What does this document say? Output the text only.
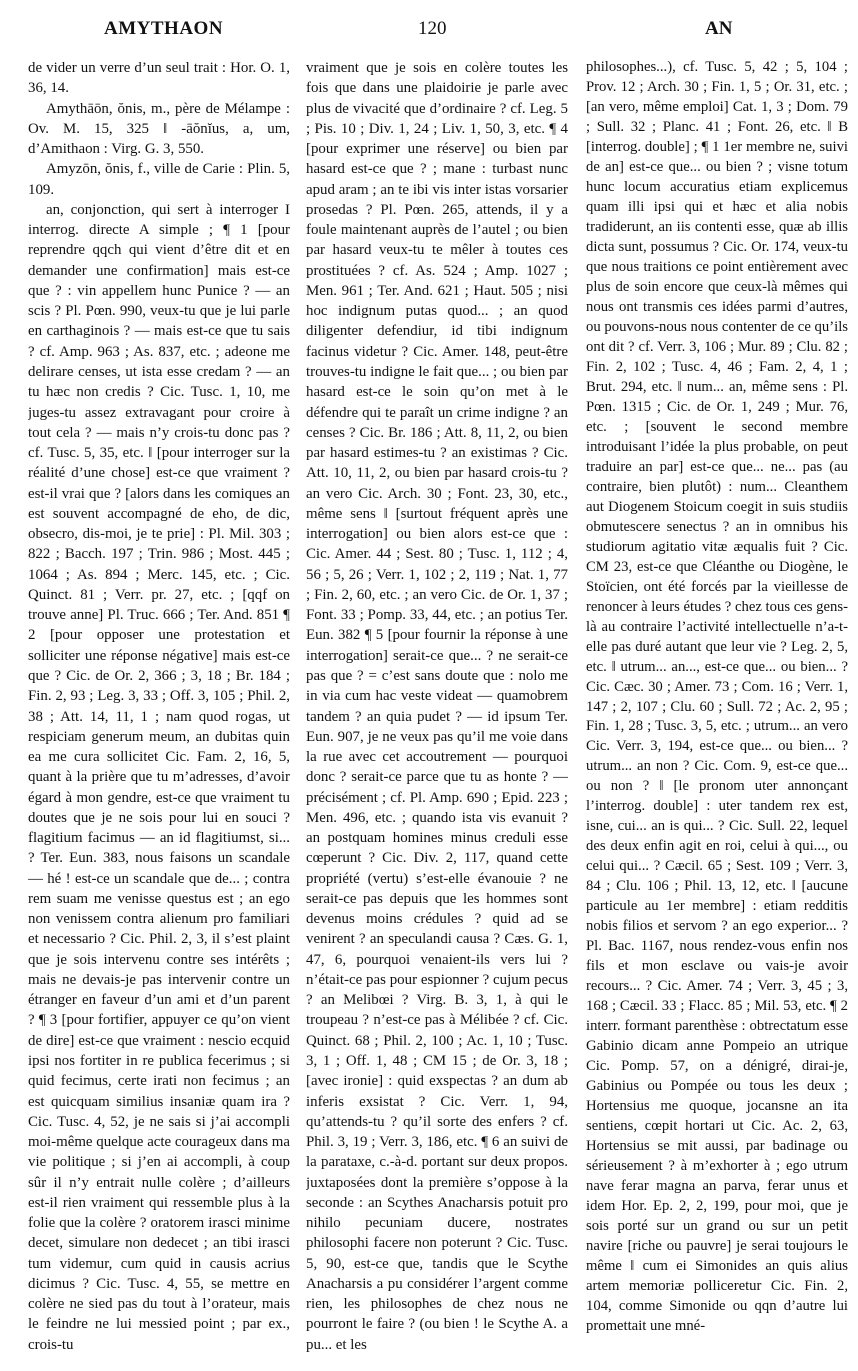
AMYTHAON	120	AN

de vider un verre d’un seul trait : Hor. O. 1, 36, 14.

Amythāōn, ŏnis, m., père de Mélampe : Ov. M. 15, 325 ‖ -āŏnĭus, a, um, d’Amithaon : Virg. G. 3, 550.

Amyzōn, ŏnis, f., ville de Carie : Plin. 5, 109.

an, conjonction, qui sert à interroger I interrog. directe A simple ; ¶ 1 [pour reprendre qqch qui vient d’être dit et en demander une confirmation] mais est-ce que ? : vin appellem hunc Punice ? — an scis ? Pl. Pœn. 990, veux-tu que je lui parle en carthaginois ? — mais est-ce que tu sais ? cf. Amp. 963 ; As. 837, etc. ; adeone me delirare censes, ut ista esse credam ? — an tu hæc non credis ? Cic. Tusc. 1, 10, me juges-tu assez extravagant pour croire à tout cela ? — mais n’y crois-tu donc pas ? cf. Tusc. 5, 35, etc. ‖ [pour interroger sur la réalité d’une chose] est-ce que vraiment ? est-il vrai que ? [alors dans les comiques an est souvent accompagné de eho, de dic, obsecro, dis-moi, je te prie] : Pl. Mil. 303 ; 822 ; Bacch. 197 ; Trin. 986 ; Most. 445 ; 1064 ; As. 894 ; Merc. 145, etc. ; Cic. Quinct. 81 ; Verr. pr. 27, etc. ; [qqf on trouve anne] Pl. Truc. 666 ; Ter. And. 851 ¶ 2 [pour opposer une protestation et solliciter une réponse négative] mais est-ce que ? Cic. de Or. 2, 366 ; 3, 18 ; Br. 184 ; Fin. 2, 93 ; Leg. 3, 33 ; Off. 3, 105 ; Phil. 2, 38 ; Att. 14, 11, 1 ; nam quod rogas, ut respiciam generum meum, an dubitas quin ea me cura sollicitet Cic. Fam. 2, 16, 5, quant à la prière que tu m’adresses, d’avoir égard à mon gendre, est-ce que vraiment tu doutes que je ne sois pour lui en souci ? flagitium facimus — an id flagitiumst, si... ? Ter. Eun. 383, nous faisons un scandale — hé ! est-ce un scandale que de... ; contra rem suam me venisse questus est ; an ego non venissem contra alienum pro familiari et necessario ? Cic. Phil. 2, 3, il s’est plaint que je sois intervenu contre ses intérêts ; mais ne devais-je pas intervenir contre un étranger en faveur d’un ami et d’un parent ? ¶ 3 [pour fortifier, appuyer ce qu’on vient de dire] est-ce que vraiment : nescio ecquid ipsi nos fortiter in re publica fecerimus ; si quid fecimus, certe irati non fecimus ; an est quicquam similius insaniæ quam ira ? Cic. Tusc. 4, 52, je ne sais si j’ai accompli moi-même quelque acte courageux dans ma vie politique ; si j’en ai accompli, à coup sûr il n’y entrait nulle colère ; d’ailleurs est-il rien vraiment qui ressemble plus à la folie que la colère ? oratorem irasci minime decet, simulare non dedecet ; an tibi irasci tum videmur, cum quid in causis acrius dicimus ? Cic. Tusc. 4, 55, se mettre en colère ne sied pas du tout à l’orateur, mais le feindre ne lui messied point ; par ex., crois-tu

vraiment que je sois en colère toutes les fois que dans une plaidoirie je parle avec plus de vivacité que d’ordinaire ? cf. Leg. 5 ; Pis. 10 ; Div. 1, 24 ; Liv. 1, 50, 3, etc. ¶ 4 [pour exprimer une réserve] ou bien par hasard est-ce que ? ; mane : turbast nunc apud aram ; an te ibi vis inter istas vorsarier prosedas ? Pl. Pœn. 265, attends, il y a foule maintenant auprès de l’autel ; ou bien par hasard veux-tu te mêler à toutes ces prostituées ? cf. As. 524 ; Amp. 1027 ; Men. 961 ; Ter. And. 621 ; Haut. 505 ; nisi hoc indignum putas quod... ; an quod diligenter defendiur, id tibi indignum facinus videtur ? Cic. Amer. 148, peut-être trouves-tu indigne le fait que... ; ou bien par hasard est-ce le soin qu’on met à le défendre qui te paraît un crime indigne ? an censes ? Cic. Br. 186 ; Att. 8, 11, 2, ou bien par hasard estimes-tu ? an existimas ? Cic. Att. 10, 11, 2, ou bien par hasard crois-tu ? an vero Cic. Arch. 30 ; Font. 23, 30, etc., même sens ‖ [surtout fréquent après une interrogation] ou bien alors est-ce que : Cic. Amer. 44 ; Sest. 80 ; Tusc. 1, 112 ; 4, 56 ; 5, 26 ; Verr. 1, 102 ; 2, 119 ; Nat. 1, 77 ; Fin. 2, 60, etc. ; an vero Cic. de Or. 1, 37 ; Font. 33 ; Pomp. 33, 44, etc. ; an potius Ter. Eun. 382 ¶ 5 [pour fournir la réponse à une interrogation] serait-ce que... ? ne serait-ce pas que ? = c’est sans doute que : nolo me in via cum hac veste videat — quamobrem tandem ? an quia pudet ? — id ipsum Ter. Eun. 907, je ne veux pas qu’il me voie dans la rue avec cet accoutrement — pourquoi donc ? serait-ce parce que tu as honte ? — précisément ; cf. Pl. Amp. 690 ; Epid. 223 ; Men. 496, etc. ; quando ista vis evanuit ? an postquam homines minus creduli esse cœperunt ? Cic. Div. 2, 117, quand cette propriété (vertu) s’est-elle évanouie ? ne serait-ce pas depuis que les hommes sont devenus moins crédules ? quid ad se venirent ? an speculandi causa ? Cæs. G. 1, 47, 6, pourquoi venaient-ils vers lui ? n’était-ce pas pour espionner ? cujum pecus ? an Melibœi ? Virg. B. 3, 1, à qui le troupeau ? n’est-ce pas à Mélibée ? cf. Cic. Quinct. 68 ; Phil. 2, 100 ; Ac. 1, 10 ; Tusc. 3, 1 ; Off. 1, 48 ; CM 15 ; de Or. 3, 18 ; [avec ironie] : quid exspectas ? an dum ab inferis exsistat ? Cic. Verr. 1, 94, qu’attends-tu ? qu’il sorte des enfers ? cf. Phil. 3, 19 ; Verr. 3, 186, etc. ¶ 6 an suivi de la parataxe, c.-à-d. portant sur deux propos. juxtaposées dont la première s’oppose à la seconde : an Scythes Anacharsis potuit pro nihilo pecuniam ducere, nostrates philosophi facere non poterunt ? Cic. Tusc. 5, 90, est-ce que, tandis que le Scythe Anacharsis a pu considérer l’argent comme rien, les philosophes de chez nous ne pourront le faire ? (ou bien ! le Scythe A. a pu... et les

philosophes...), cf. Tusc. 5, 42 ; 5, 104 ; Prov. 12 ; Arch. 30 ; Fin. 1, 5 ; Or. 31, etc. ; [an vero, même emploi] Cat. 1, 3 ; Dom. 79 ; Sull. 32 ; Planc. 41 ; Font. 26, etc. ‖ B [interrog. double] ; ¶ 1 1er membre ne, suivi de an] est-ce que... ou bien ? ; visne totum hunc locum accuratius etiam explicemus quam illi ipsi qui et hæc et alia nobis tradiderunt, an iis contenti esse, quæ ab illis dicta sunt, possumus ? Cic. Or. 174, veux-tu que nous traitions ce point entièrement avec plus de soin encore que ceux-là mêmes qui nous ont transmis ces idées parmi d’autres, ou pouvons-nous nous contenter de ce qu’ils ont dit ? cf. Verr. 3, 106 ; Mur. 89 ; Clu. 82 ; Fin. 2, 102 ; Tusc. 4, 46 ; Fam. 2, 4, 1 ; Brut. 294, etc. ‖ num... an, même sens : Pl. Pœn. 1315 ; Cic. de Or. 1, 249 ; Mur. 76, etc. ; [souvent le second membre introduisant l’idée la plus probable, on peut traduire an par] est-ce que... ne... pas (au contraire, bien plutôt) : num... Cleanthem aut Diogenem Stoicum coegit in suis studiis obmutescere senectus ? an in omnibus his studiorum agitatio vitæ æqualis fuit ? Cic. CM 23, est-ce que Cléanthe ou Diogène, le Stoïcien, ont été forcés par la vieillesse de renoncer à leurs études ? chez tous ces gens-là au contraire l’activité intellectuelle n’a-t-elle pas duré autant que leur vie ? Leg. 2, 5, etc. ‖ utrum... an..., est-ce que... ou bien... ? Cic. Cæc. 30 ; Amer. 73 ; Com. 16 ; Verr. 1, 147 ; 2, 107 ; Clu. 60 ; Sull. 72 ; Ac. 2, 95 ; Fin. 1, 28 ; Tusc. 3, 5, etc. ; utrum... an vero Cic. Verr. 3, 194, est-ce que... ou bien... ? utrum... an non ? Cic. Com. 9, est-ce que... ou non ? ‖ [le pronom uter annonçant l’interrog. double] : uter tandem rex est, isne, cui... an is qui... ? Cic. Sull. 22, lequel des deux enfin agit en roi, celui à qui..., ou celui qui... ? Cæcil. 65 ; Sest. 109 ; Verr. 3, 84 ; Clu. 106 ; Phil. 13, 12, etc. ‖ [aucune particule au 1er membre] : etiam redditis nobis filios et servom ? an ego experior... ? Pl. Bac. 1167, nous rendez-vous enfin nos fils et mon esclave ou vais-je avoir recours... ? Cic. Amer. 74 ; Verr. 3, 45 ; 3, 168 ; Cæcil. 33 ; Flacc. 85 ; Mil. 53, etc. ¶ 2 interr. formant parenthèse : obtrectatum esse Gabinio dicam anne Pompeio an utrique Cic. Pomp. 57, on a dénigré, dirai-je, Gabinius ou Pompée ou tous les deux ; Hortensius me quoque, jocansne an ita sentiens, cœpit hortari ut Cic. Ac. 2, 63, Hortensius se mit aussi, par badinage ou sérieusement ? à m’exhorter à ; ego utrum nave ferar magna an parva, ferar unus et idem Hor. Ep. 2, 2, 199, pour moi, que je sois porté sur un grand ou sur un petit navire [riche ou pauvre] je serai toujours le même ‖ cum ei Simonides an quis alius artem memoriæ polliceretur Cic. Fin. 2, 104, comme Simonide ou qqn d’autre lui promettait une mné-
